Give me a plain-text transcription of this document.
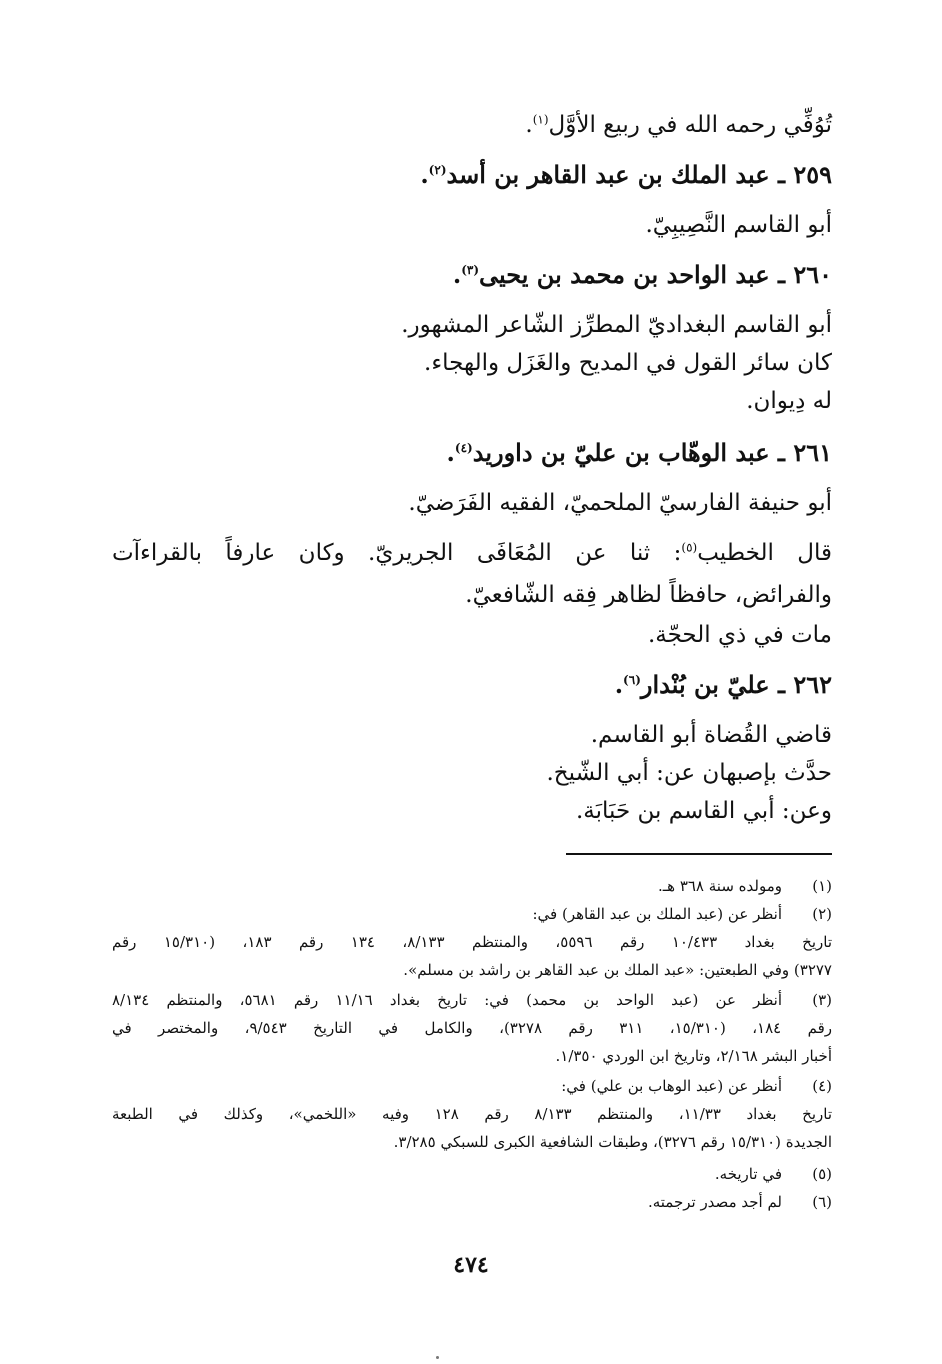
تُوُفِّي رحمه الله في ربيع الأوَّل$^{(١)}$.
٢٥٩ ـ عبد الملك بن عبد القاهر بن أسد$^{(٢)}$.
أبو القاسم النَّصِيبِيّ.
٢٦٠ ـ عبد الواحد بن محمد بن يحيى$^{(٣)}$.
أبو القاسم البغداديّ المطرِّز الشّاعر المشهور.
كان سائر القول في المديح والغَزَل والهجاء.
له دِيوان.
٢٦١ ـ عبد الوهّاب بن عليّ بن داوريد$^{(٤)}$.
أبو حنيفة الفارسيّ الملحميّ، الفقيه الفَرَضيّ.
قال الخطيب$^{(٥)}$: ثنا عن المُعَافَى الجريريّ. وكان عارفاً بالقراءآت
والفرائض، حافظاً لظاهر فِقه الشّافعيّ.
مات في ذي الحجّة.
٢٦٢ ـ عليّ بن بُنْدار$^{(٦)}$.
قاضي القُضاة أبو القاسم.
حدَّث بإصبهان عن: أبي الشّيخ.
وعن: أبي القاسم بن حَبَابَة.
(١)
ومولده سنة ٣٦٨ هـ.
(٢)
أنظر عن (عبد الملك بن عبد القاهر) في:
تاريخ بغداد ١٠/٤٣٣ رقم ٥٥٩٦، والمنتظم ٨/١٣٣، ١٣٤ رقم ١٨٣، (١٥/٣١٠ رقم
٣٢٧٧) وفي الطبعتين: «عبد الملك بن عبد القاهر بن راشد بن مسلم».
(٣)
أنظر عن (عبد الواحد بن محمد) في: تاريخ بغداد ١١/١٦ رقم ٥٦٨١، والمنتظم ٨/١٣٤
رقم ١٨٤، (١٥/٣١٠، ٣١١ رقم ٣٢٧٨)، والكامل في التاريخ ٩/٥٤٣، والمختصر في
أخبار البشر ٢/١٦٨، وتاريخ ابن الوردي ١/٣٥٠.
(٤)
أنظر عن (عبد الوهاب بن علي) في:
تاريخ بغداد ١١/٣٣، والمنتظم ٨/١٣٣ رقم ١٢٨ وفيه «اللخمي»، وكذلك في الطبعة
الجديدة (١٥/٣١٠ رقم ٣٢٧٦)، وطبقات الشافعية الكبرى للسبكي ٣/٢٨٥.
(٥)
في تاريخه.
(٦)
لم أجد مصدر ترجمته.
٤٧٤
